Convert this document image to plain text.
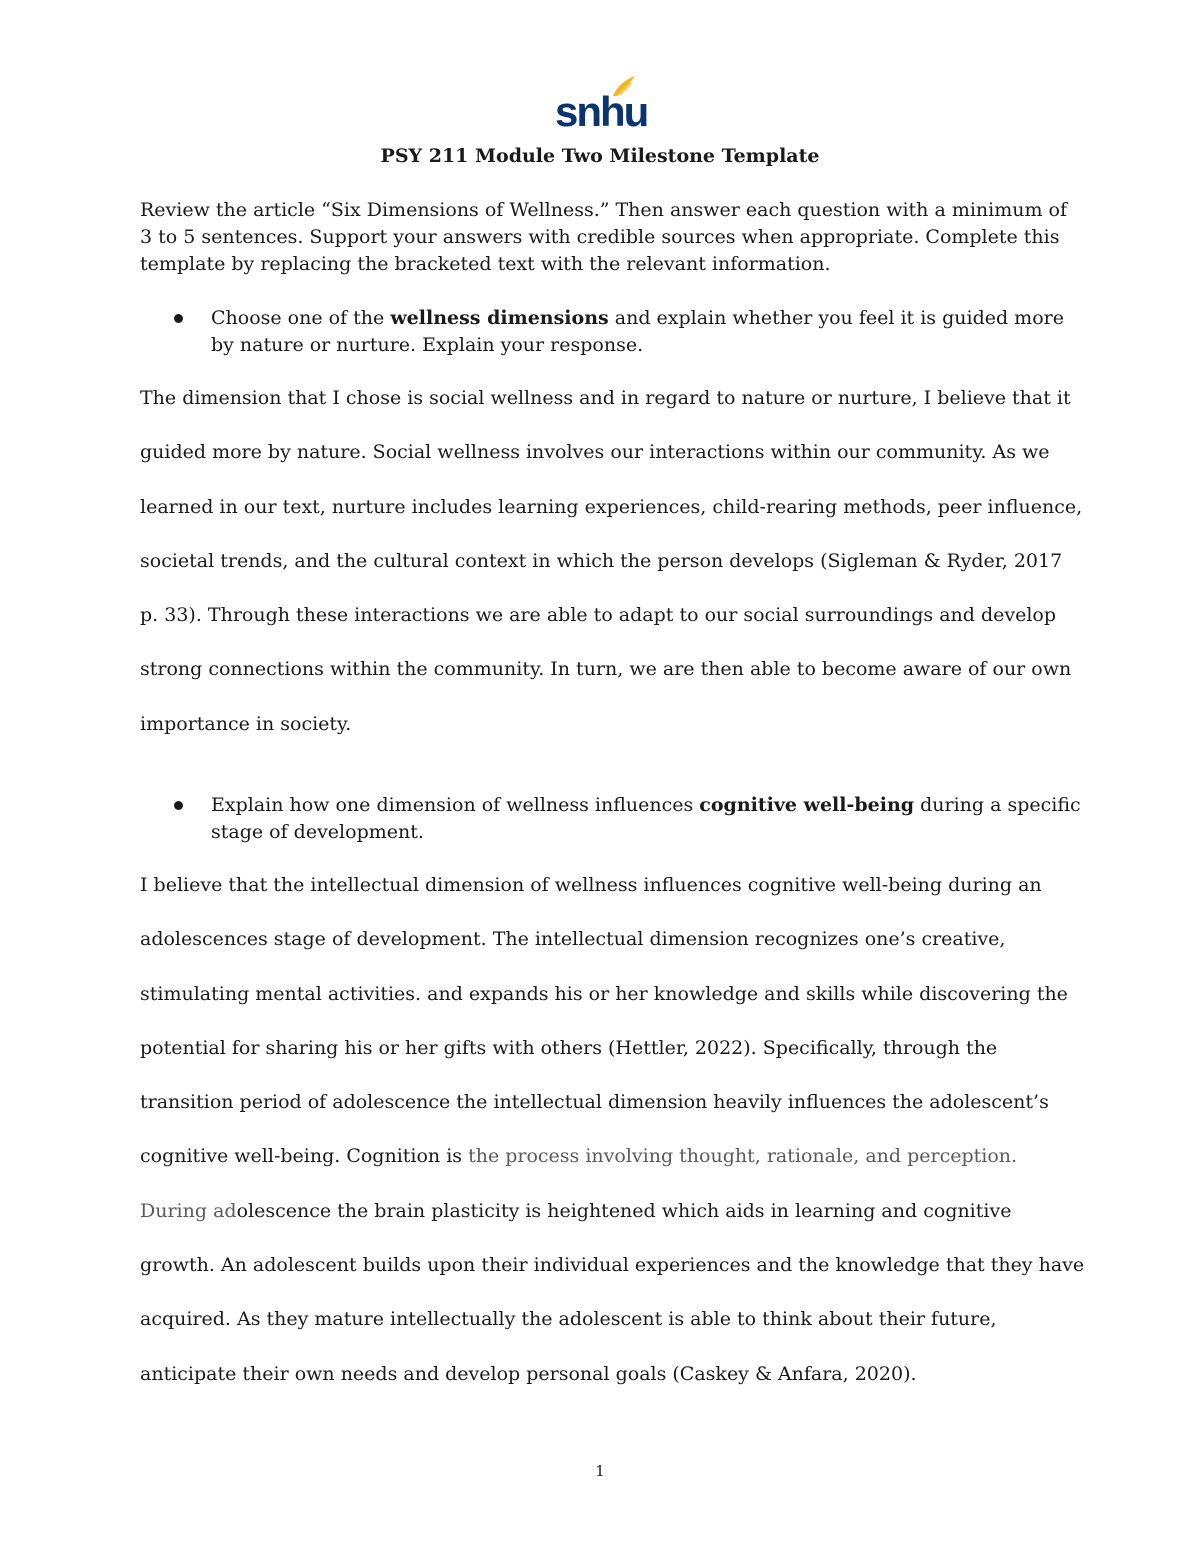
snhu
PSY 211 Module Two Milestone Template

Review the article “Six Dimensions of Wellness.” Then answer each question with a minimum of
3 to 5 sentences. Support your answers with credible sources when appropriate. Complete this
template by replacing the bracketed text with the relevant information.

Choose one of the wellness dimensions and explain whether you feel it is guided more
by nature or nurture. Explain your response.
The dimension that I chose is social wellness and in regard to nature or nurture, I believe that it
guided more by nature. Social wellness involves our interactions within our community. As we
learned in our text, nurture includes learning experiences, child-rearing methods, peer influence,
societal trends, and the cultural context in which the person develops (Sigleman & Ryder, 2017
p. 33). Through these interactions we are able to adapt to our social surroundings and develop
strong connections within the community. In turn, we are then able to become aware of our own
importance in society.
Explain how one dimension of wellness influences cognitive well-being during a specific
stage of development.
I believe that the intellectual dimension of wellness influences cognitive well-being during an
adolescences stage of development. The intellectual dimension recognizes one’s creative,
stimulating mental activities. and expands his or her knowledge and skills while discovering the
potential for sharing his or her gifts with others (Hettler, 2022). Specifically, through the
transition period of adolescence the intellectual dimension heavily influences the adolescent’s
cognitive well-being. Cognition is the process involving thought, rationale, and perception.
During adolescence the brain plasticity is heightened which aids in learning and cognitive
growth. An adolescent builds upon their individual experiences and the knowledge that they have
acquired. As they mature intellectually the adolescent is able to think about their future,
anticipate their own needs and develop personal goals (Caskey & Anfara, 2020).
1
